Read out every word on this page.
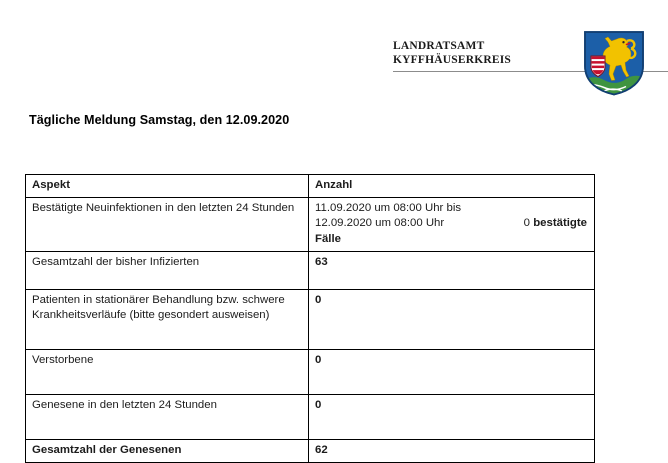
LANDRATSAMT
KYFFHÄUSERKREIS
Tägliche Meldung Samstag, den 12.09.2020
Aspekt	Anzahl
Bestätigte Neuinfektionen in den letzten 24 Stunden	11.09.2020 um 08:00 Uhr bis
12.09.2020 um 08:00 Uhr 0 bestätigte
Fälle

Gesamtzahl der bisher Infizierten	63
Patienten in stationärer Behandlung bzw. schwere Krankheitsverläufe (bitte gesondert ausweisen)	0
Verstorbene	0
Genesene in den letzten 24 Stunden	0
Gesamtzahl der Genesenen	62
